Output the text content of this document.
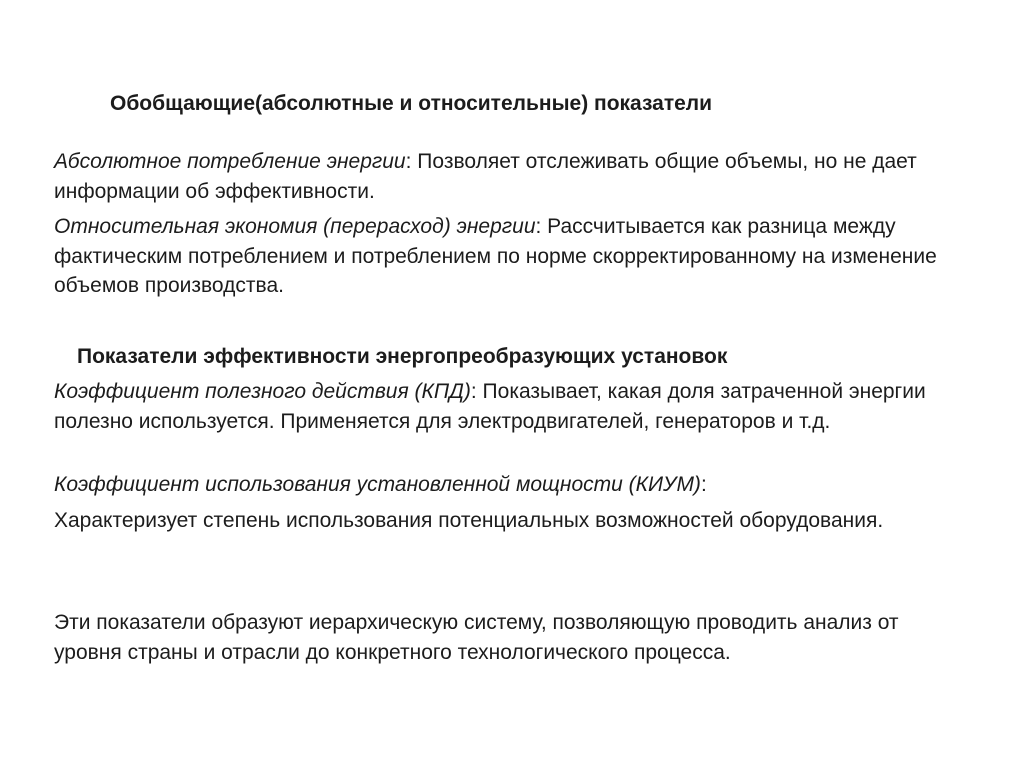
Обобщающие(абсолютные и относительные) показатели

Абсолютное потребление энергии: Позволяет отслеживать общие объемы, но не дает информации об эффективности.

Относительная экономия (перерасход) энергии: Рассчитывается как разница между фактическим потреблением и потреблением по норме скорректированному на изменение объемов производства.

Показатели эффективности энергопреобразующих установок

Коэффициент полезного действия (КПД): Показывает, какая доля затраченной энергии полезно используется. Применяется для электродвигателей, генераторов и т.д.

Коэффициент использования установленной мощности (КИУМ):

Характеризует степень использования потенциальных возможностей оборудования.

Эти показатели образуют иерархическую систему, позволяющую проводить анализ от уровня страны и отрасли до конкретного технологического процесса.
